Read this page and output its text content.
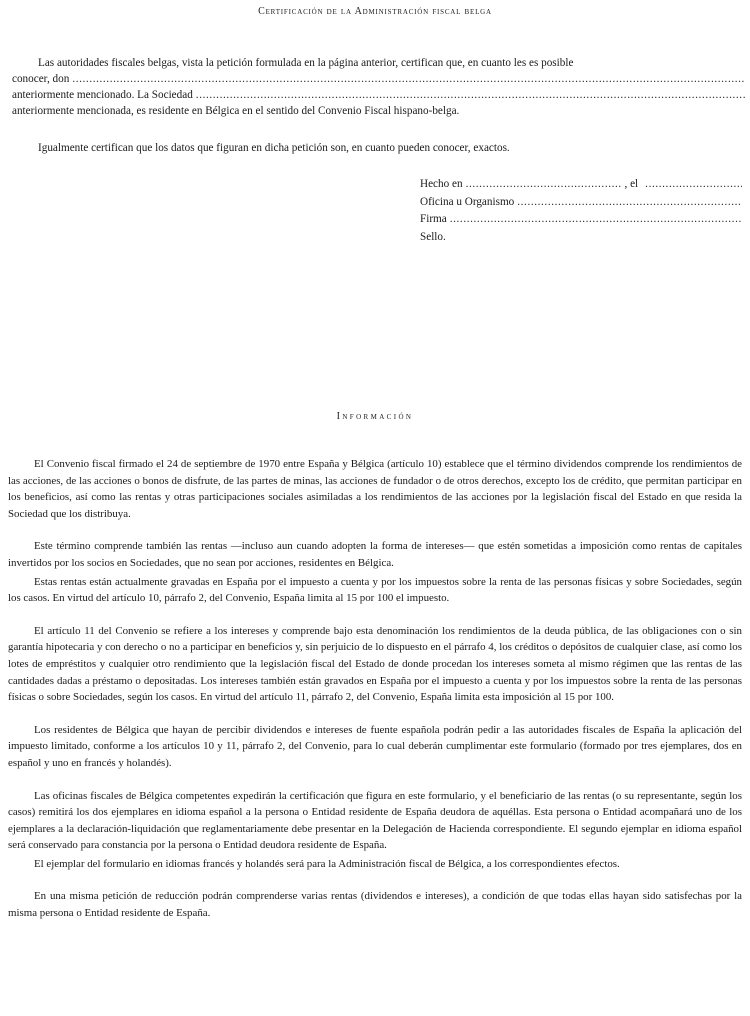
Certificación de la Administración fiscal belga
Las autoridades fiscales belgas, vista la petición formulada en la página anterior, certifican que, en cuanto les es posible
conocer, don
.....
anteriormente mencionado. La Sociedad
.....
anteriormente mencionada, es residente en Bélgica en el sentido del Convenio Fiscal hispano-belga.
Igualmente certifican que los datos que figuran en dicha petición son, en cuanto pueden conocer, exactos.
Hecho en
.....	, el
.....
Oficina u Organismo
.....
Firma
.....
Sello.
Información

El Convenio fiscal firmado el 24 de septiembre de 1970 entre España y Bélgica (artículo 10) establece que el término dividendos comprende los rendimientos de las acciones, de las acciones o bonos de disfrute, de las partes de minas, las acciones de fundador o de otros derechos, excepto los de crédito, que permitan participar en los beneficios, así como las rentas y otras participaciones sociales asimiladas a los rendimientos de las acciones por la legislación fiscal del Estado en que resida la Sociedad que los distribuya.

Este término comprende también las rentas —incluso aun cuando adopten la forma de intereses— que estén sometidas a imposición como rentas de capitales invertidos por los socios en Sociedades, que no sean por acciones, residentes en Bélgica.

Estas rentas están actualmente gravadas en España por el impuesto a cuenta y por los impuestos sobre la renta de las personas físicas y sobre Sociedades, según los casos. En virtud del artículo 10, párrafo 2, del Convenio, España limita al 15 por 100 el impuesto.

El artículo 11 del Convenio se refiere a los intereses y comprende bajo esta denominación los rendimientos de la deuda pública, de las obligaciones con o sin garantía hipotecaria y con derecho o no a participar en beneficios y, sin perjuicio de lo dispuesto en el párrafo 4, los créditos o depósitos de cualquier clase, así como los lotes de empréstitos y cualquier otro rendimiento que la legislación fiscal del Estado de donde procedan los intereses someta al mismo régimen que las rentas de las cantidades dadas a préstamo o depositadas. Los intereses también están gravados en España por el impuesto a cuenta y por los impuestos sobre la renta de las personas físicas o sobre Sociedades, según los casos. En virtud del artículo 11, párrafo 2, del Convenio, España limita esta imposición al 15 por 100.

Los residentes de Bélgica que hayan de percibir dividendos e intereses de fuente española podrán pedir a las autoridades fiscales de España la aplicación del impuesto limitado, conforme a los artículos 10 y 11, párrafo 2, del Convenio, para lo cual deberán cumplimentar este formulario (formado por tres ejemplares, dos en español y uno en francés y holandés).

Las oficinas fiscales de Bélgica competentes expedirán la certificación que figura en este formulario, y el beneficiario de las rentas (o su representante, según los casos) remitirá los dos ejemplares en idioma español a la persona o Entidad residente de España deudora de aquéllas. Esta persona o Entidad acompañará uno de los ejemplares a la declaración-liquidación que reglamentariamente debe presentar en la Delegación de Hacienda correspondiente. El segundo ejemplar en idioma español será conservado para constancia por la persona o Entidad deudora residente de España.

El ejemplar del formulario en idiomas francés y holandés será para la Administración fiscal de Bélgica, a los correspondientes efectos.

En una misma petición de reducción podrán comprenderse varias rentas (dividendos e intereses), a condición de que todas ellas hayan sido satisfechas por la misma persona o Entidad residente de España.
